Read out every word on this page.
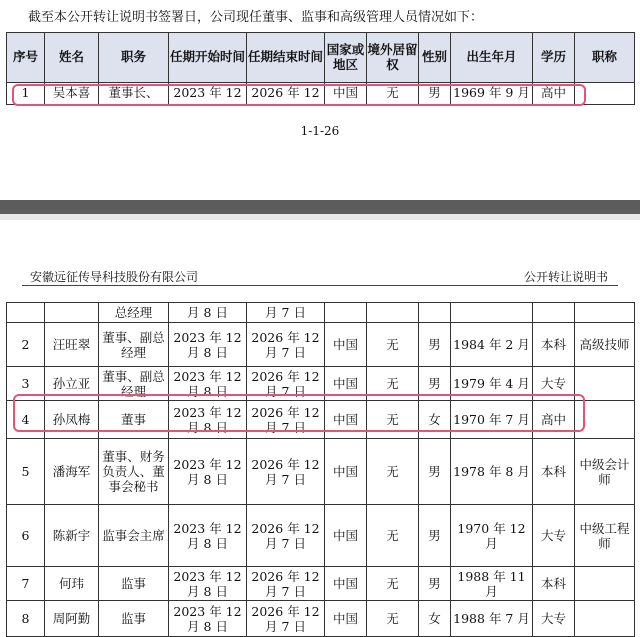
截至本公开转让说明书签署日，公司现任董事、监事和高级管理人员情况如下：
序号	姓名	职务	任期开始时间	任期结束时间	国家或地区	境外居留权	性别	出生年月	学历	职称
1	吴本喜	董事长、	2023 年 12	2026 年 12	中国	无	男	1969 年 9 月	高中	
1-1-26
安徽远征传导科技股份有限公司	公开转让说明书
		总经理	月 8 日	月 7 日						
2	汪旺翠	董事、副总经理	2023 年 12 月 8 日	2026 年 12 月 7 日	中国	无	男	1984 年 2 月	本科	高级技师
3	孙立亚	董事、副总经理	2023 年 12 月 8 日	2026 年 12 月 7 日	中国	无	男	1979 年 4 月	大专	
4	孙凤梅	董事	2023 年 12 月 8 日	2026 年 12 月 7 日	中国	无	女	1970 年 7 月	高中	
5	潘海军	董事、财务负责人、董事会秘书	2023 年 12 月 8 日	2026 年 12 月 7 日	中国	无	男	1978 年 8 月	本科	中级会计师
6	陈新宇	监事会主席	2023 年 12 月 8 日	2026 年 12 月 7 日	中国	无	男	1970 年 12 月	大专	中级工程师
7	何玮	监事	2023 年 12 月 8 日	2026 年 12 月 7 日	中国	无	男	1988 年 11 月	本科	
8	周阿勤	监事	2023 年 12 月 8 日	2026 年 12 月 7 日	中国	无	女	1988 年 7 月	大专	
